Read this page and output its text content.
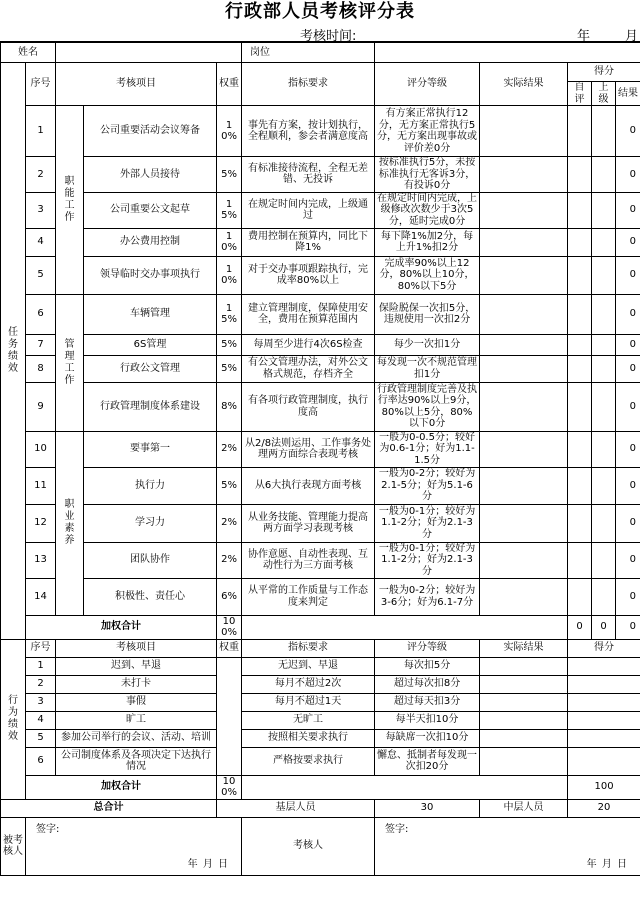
行政部人员考核评分表
考核时间:	年	月
姓名					岗位					
任务绩效	序号	考核项目		权重	指标要求	评分等级	实际结果	得分		
								自评	上级	结果
	1	职能工作	公司重要活动会议筹备	10%	事先有方案，按计划执行，全程顺利，参会者满意度高	有方案正常执行12分，无方案正常执行5分，无方案出现事故或评价差0分				0
	2		外部人员接待	5%	有标准接待流程，全程无差错、无投诉	按标准执行5分，未按标准执行无客诉3分，有投诉0分				0
	3		公司重要公文起草	15%	在规定时间内完成，上级通过	在规定时间内完成，上级修改次数少于3次5分，延时完成0分				0
	4		办公费用控制	10%	费用控制在预算内，同比下降1%	每下降1%加2分，每上升1%扣2分				0
	5		领导临时交办事项执行	10%	对于交办事项跟踪执行，完成率80%以上	完成率90%以上12分，80%以上10分，80%以下5分				0
	6	管理工作	车辆管理	15%	建立管理制度，保障使用安全，费用在预算范围内	保险脱保一次扣5分，违规使用一次扣2分				0
	7		6S管理	5%	每周至少进行4次6S检查	每少一次扣1分				0
	8		行政公文管理	5%	有公文管理办法，对外公文格式规范，存档齐全	每发现一次不规范管理扣1分				0
	9		行政管理制度体系建设	8%	有各项行政管理制度，执行度高	行政管理制度完善及执行率达90%以上9分，80%以上5分，80%以下0分				0
	10	职业素养	要事第一	2%	从2/8法则运用、工作事务处理两方面综合表现考核	一般为0-0.5分；较好为0.6-1分；好为1.1-1.5分				0
	11		执行力	5%	从6大执行表现方面考核	一般为0-2分；较好为2.1-5分；好为5.1-6分				0
	12		学习力	2%	从业务技能、管理能力提高两方面学习表现考核	一般为0-1分；较好为1.1-2分；好为2.1-3分				0
	13		团队协作	2%	协作意愿、自动性表现、互动性行为三方面考核	一般为0-1分；较好为1.1-2分；好为2.1-3分				0
	14		积极性、责任心	6%	从平常的工作质量与工作态度来判定	一般为0-2分；较好为3-6分；好为6.1-7分				0
	加权合计			100%				0	0	0
行为绩效	序号	考核项目		权重	指标要求	评分等级	实际结果	得分		
	1	迟到、早退			无迟到、早退	每次扣5分				
	2	未打卡			每月不超过2次	超过每次扣8分				
	3	事假			每月不超过1天	超过每天扣3分				
	4	旷工			无旷工	每半天扣10分				
	5	参加公司举行的会议、活动、培训			按照相关要求执行	每缺席一次扣10分				
	6	公司制度体系及各项决定下达执行情况			严格按要求执行	懈怠、抵制者每发现一次扣20分				
	加权合计			100%				100		
总合计				基层人员		30	中层人员	20		
被考核人	签字:
年 月 日				考核人	签字:
年 月 日				
